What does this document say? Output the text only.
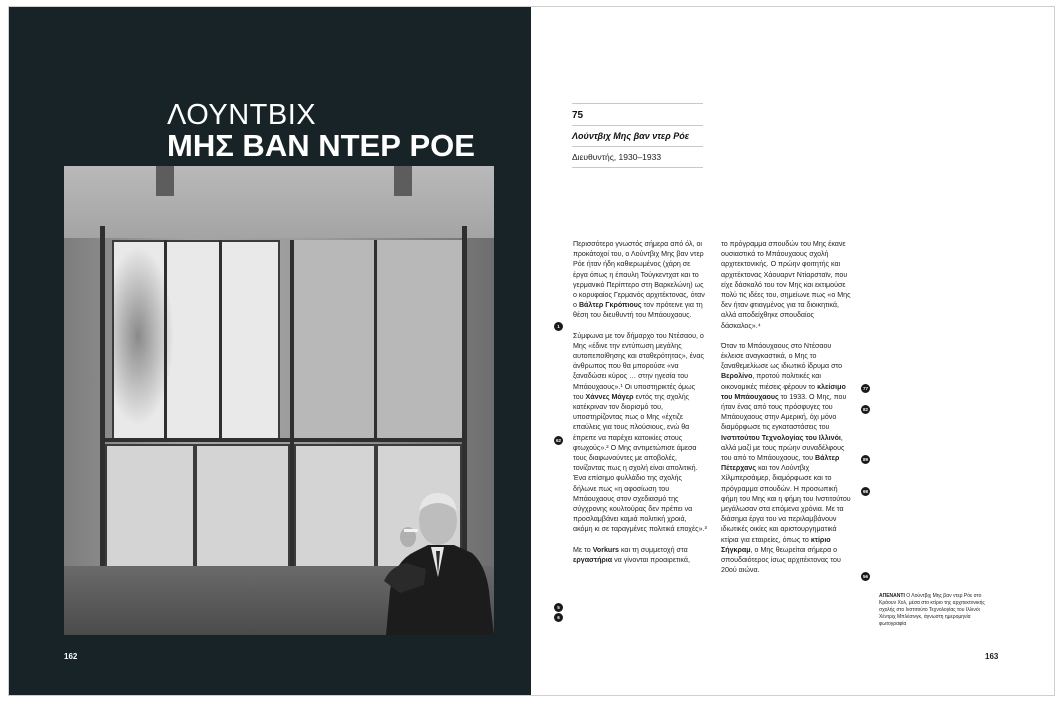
ΛΟΥΝΤΒΙΧ
ΜΗΣ ΒΑΝ ΝΤΕΡ ΡΟΕ
162
75
Λούντβιχ Μης βαν ντερ Ρόε
Διευθυντής, 1930–1933

Περισσότερο γνωστός σήμερα από όλ, οι προκάτοχοί του, ο Λούντβιχ Μης βαν ντερ Ρόε ήταν ήδη καθιερωμένος (χάρη σε έργα όπως η έπαυλη Τούγκεντχατ και το γερμανικό Περίπτερο στη Βαρκελώνη) ως ο κορυφαίος Γερμανός αρχιτέκτονας, όταν ο Βάλτερ Γκρόπιους τον πρότεινε για τη θέση του διευθυντή του Μπάουχαους.

Σύμφωνα με τον δήμαρχο του Ντέσαου, ο Μης «έδινε την εντύπωση μεγάλης αυτοπεποίθησης και σταθερότητας», ένας άνθρωπος που θα μπορούσε «να ξαναδώσει κύρος … στην ηγεσία του Μπάουχαους».¹ Οι υποστηρικτές όμως του Χάννες Μάγερ εντός της σχολής κατέκριναν τον διορισμό του, υποστηρίζοντας πως ο Μης «έχτιζε επαύλεις για τους πλούσιους, ενώ θα έπρεπε να παρέχει κατοικίες στους φτωχούς».² Ο Μης αντιμετώπισε άμεσα τους διαφωνούντες με αποβολές, τονίζοντας πως η σχολή είναι απολιτική. Ένα επίσημο φυλλάδιο της σχολής δήλωνε πως «η αφοσίωση του Μπάουχαους στον σχεδιασμό της σύγχρονης κουλτούρας δεν πρέπει να προσλαμβάνει καμιά πολιτική χροιά, ακόμη κι σε ταραγμένες πολιτικά εποχές».³

Με το Vorkurs και τη συμμετοχή στα εργαστήρια να γίνονται προαιρετικά,

το πρόγραμμα σπουδών του Μης έκανε ουσιαστικά το Μπάουχαους σχολή αρχιτεκτονικής. Ο πρώην φοιτητής και αρχιτέκτονας Χάουαρντ Ντίαρσταϊν, που είχε δάσκαλό του τον Μης και εκτιμούσε πολύ τις ιδέες του, σημείωνε πως «ο Μης δεν ήταν φτιαγμένος για τα διοικητικά, αλλά αποδείχθηκε σπουδαίος δάσκαλος».⁴

Όταν το Μπάουχαους στο Ντέσαου έκλεισε αναγκαστικά, ο Μης το ξαναθεμελίωσε ως ιδιωτικό ίδρυμα στο Βερολίνο, προτού πολιτικές και οικονομικές πιέσεις φέρουν το κλείσιμο του Μπάουχαους το 1933. Ο Μης, που ήταν ένας από τους πρόσφυγες του Μπάουχαους στην Αμερική, όχι μόνο διαμόρφωσε τις εγκαταστάσεις του Ινστιτούτου Τεχνολογίας του Ιλλινόι, αλλά μαζί με τους πρώην συναδέλφους του από το Μπάουχαους, του Βάλτερ Πέτερχανς και τον Λούντβιχ Χίλμπερσάιμερ, διαμόρφωσε και το πρόγραμμα σπουδών. Η προσωπική φήμη του Μης και η φήμη του Ινστιτούτου μεγάλωσαν στα επόμενα χρόνια. Με τα διάσημα έργα του να περιλαμβάνουν ιδιωτικές οικίες και αριστουργηματικά κτίρια για εταιρείες, όπως το κτίριο Σήγκραμ, ο Μης θεωρείται σήμερα ο σπουδαιότερος ίσως αρχιτέκτονας του 20ού αιώνα.

1
62
5
6
77
82
89
68
56
ΑΠΕΝΑΝΤΙ Ο Λούντβιχ Μης βαν ντερ Ρόε στο Κράουν Χολ, μέσα στο κτίριο της αρχιτεκτονικής σχολής στο Ινστιτούτο Τεχνολογίας του Ιλλινόι
Χέντριχ Μπλέσινγκ, άγνωστη ημερομηνία
φωτογραφία
163
